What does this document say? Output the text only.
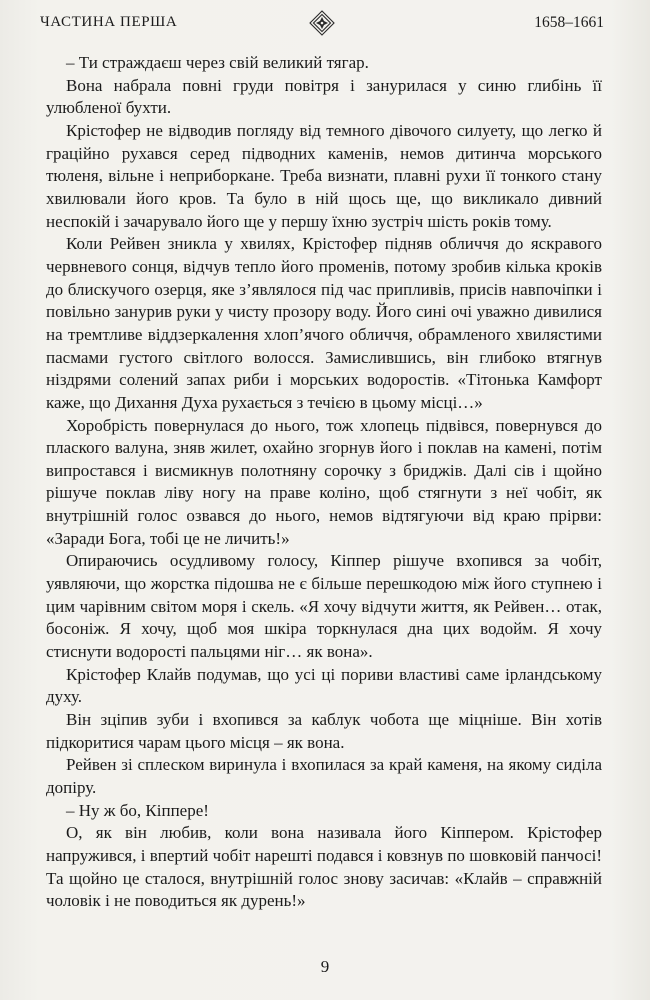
ЧАСТИНА ПЕРША	1658–1661

– Ти страждаєш через свій великий тягар.

Вона набрала повні груди повітря і занурилася у синю глибінь її улюбленої бухти.

Крістофер не відводив погляду від темного дівочого силуету, що легко й граційно рухався серед підводних каменів, немов дитинча морського тюленя, вільне і неприборкане. Треба визнати, плавні рухи її тонкого стану хвилювали його кров. Та було в ній щось ще, що викликало дивний неспокій і зачарувало його ще у першу їхню зустріч шість років тому.

Коли Рейвен зникла у хвилях, Крістофер підняв обличчя до яскравого червневого сонця, відчув тепло його променів, потому зробив кілька кроків до блискучого озерця, яке з’являлося під час припливів, присів навпочіпки і повільно занурив руки у чисту прозору воду. Його сині очі уважно дивилися на тремтливе віддзеркалення хлоп’ячого обличчя, обрамленого хвилястими пасмами густого світлого волосся. Замислившись, він глибоко втягнув ніздрями солений запах риби і морських водоростів. «Тітонька Камфорт каже, що Дихання Духа рухається з течією в цьому місці…»

Хоробрість повернулася до нього, тож хлопець підвівся, повернувся до плаского валуна, зняв жилет, охайно згорнув його і поклав на камені, потім випростався і висмикнув полотняну сорочку з бриджів. Далі сів і щойно рішуче поклав ліву ногу на праве коліно, щоб стягнути з неї чобіт, як внутрішній голос озвався до нього, немов відтягуючи від краю прірви: «Заради Бога, тобі це не личить!»

Опираючись осудливому голосу, Кіппер рішуче вхопився за чобіт, уявляючи, що жорстка підошва не є більше перешкодою між його ступнею і цим чарівним світом моря і скель. «Я хочу відчути життя, як Рейвен… отак, босоніж. Я хочу, щоб моя шкіра торкнулася дна цих водойм. Я хочу стиснути водорості пальцями ніг… як вона».

Крістофер Клайв подумав, що усі ці пориви властиві саме ірландському духу.

Він зціпив зуби і вхопився за каблук чобота ще міцніше. Він хотів підкоритися чарам цього місця – як вона.

Рейвен зі сплеском виринула і вхопилася за край каменя, на якому сиділа допіру.

– Ну ж бо, Кіппере!

О, як він любив, коли вона називала його Кіппером. Крістофер напружився, і впертий чобіт нарешті подався і ковзнув по шовковій панчосі! Та щойно це сталося, внутрішній голос знову засичав: «Клайв – справжній чоловік і не поводиться як дурень!»

9
